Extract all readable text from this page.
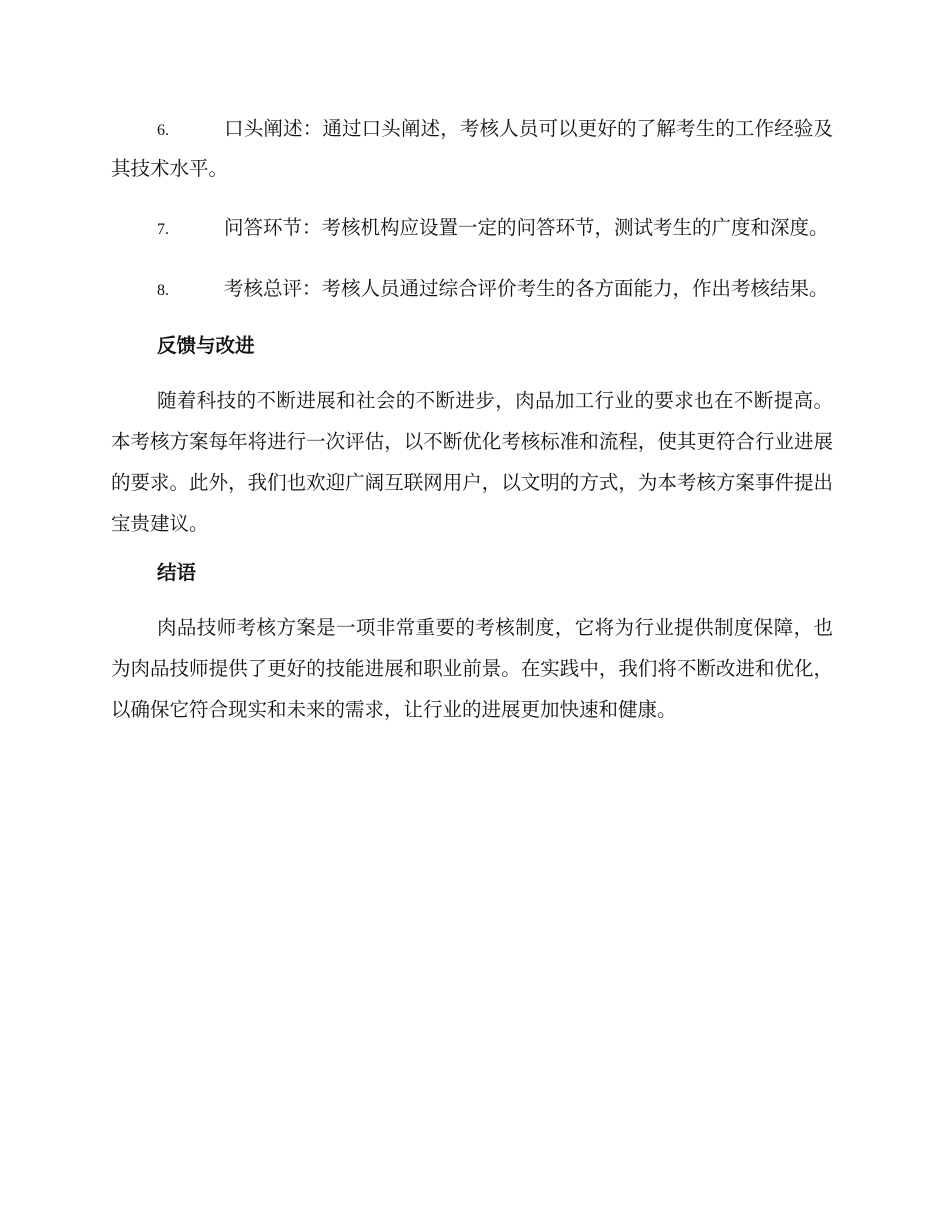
6.	口头阐述：通过口头阐述，考核人员可以更好的了解考生的工作经验及其技术水平。
7.	问答环节：考核机构应设置一定的问答环节，测试考生的广度和深度。
8.	考核总评：考核人员通过综合评价考生的各方面能力，作出考核结果。
反馈与改进

随着科技的不断进展和社会的不断进步，肉品加工行业的要求也在不断提高。本考核方案每年将进行一次评估，以不断优化考核标准和流程，使其更符合行业进展的要求。此外，我们也欢迎广阔互联网用户，以文明的方式，为本考核方案事件提出宝贵建议。

结语

肉品技师考核方案是一项非常重要的考核制度，它将为行业提供制度保障，也为肉品技师提供了更好的技能进展和职业前景。在实践中，我们将不断改进和优化，以确保它符合现实和未来的需求，让行业的进展更加快速和健康。
